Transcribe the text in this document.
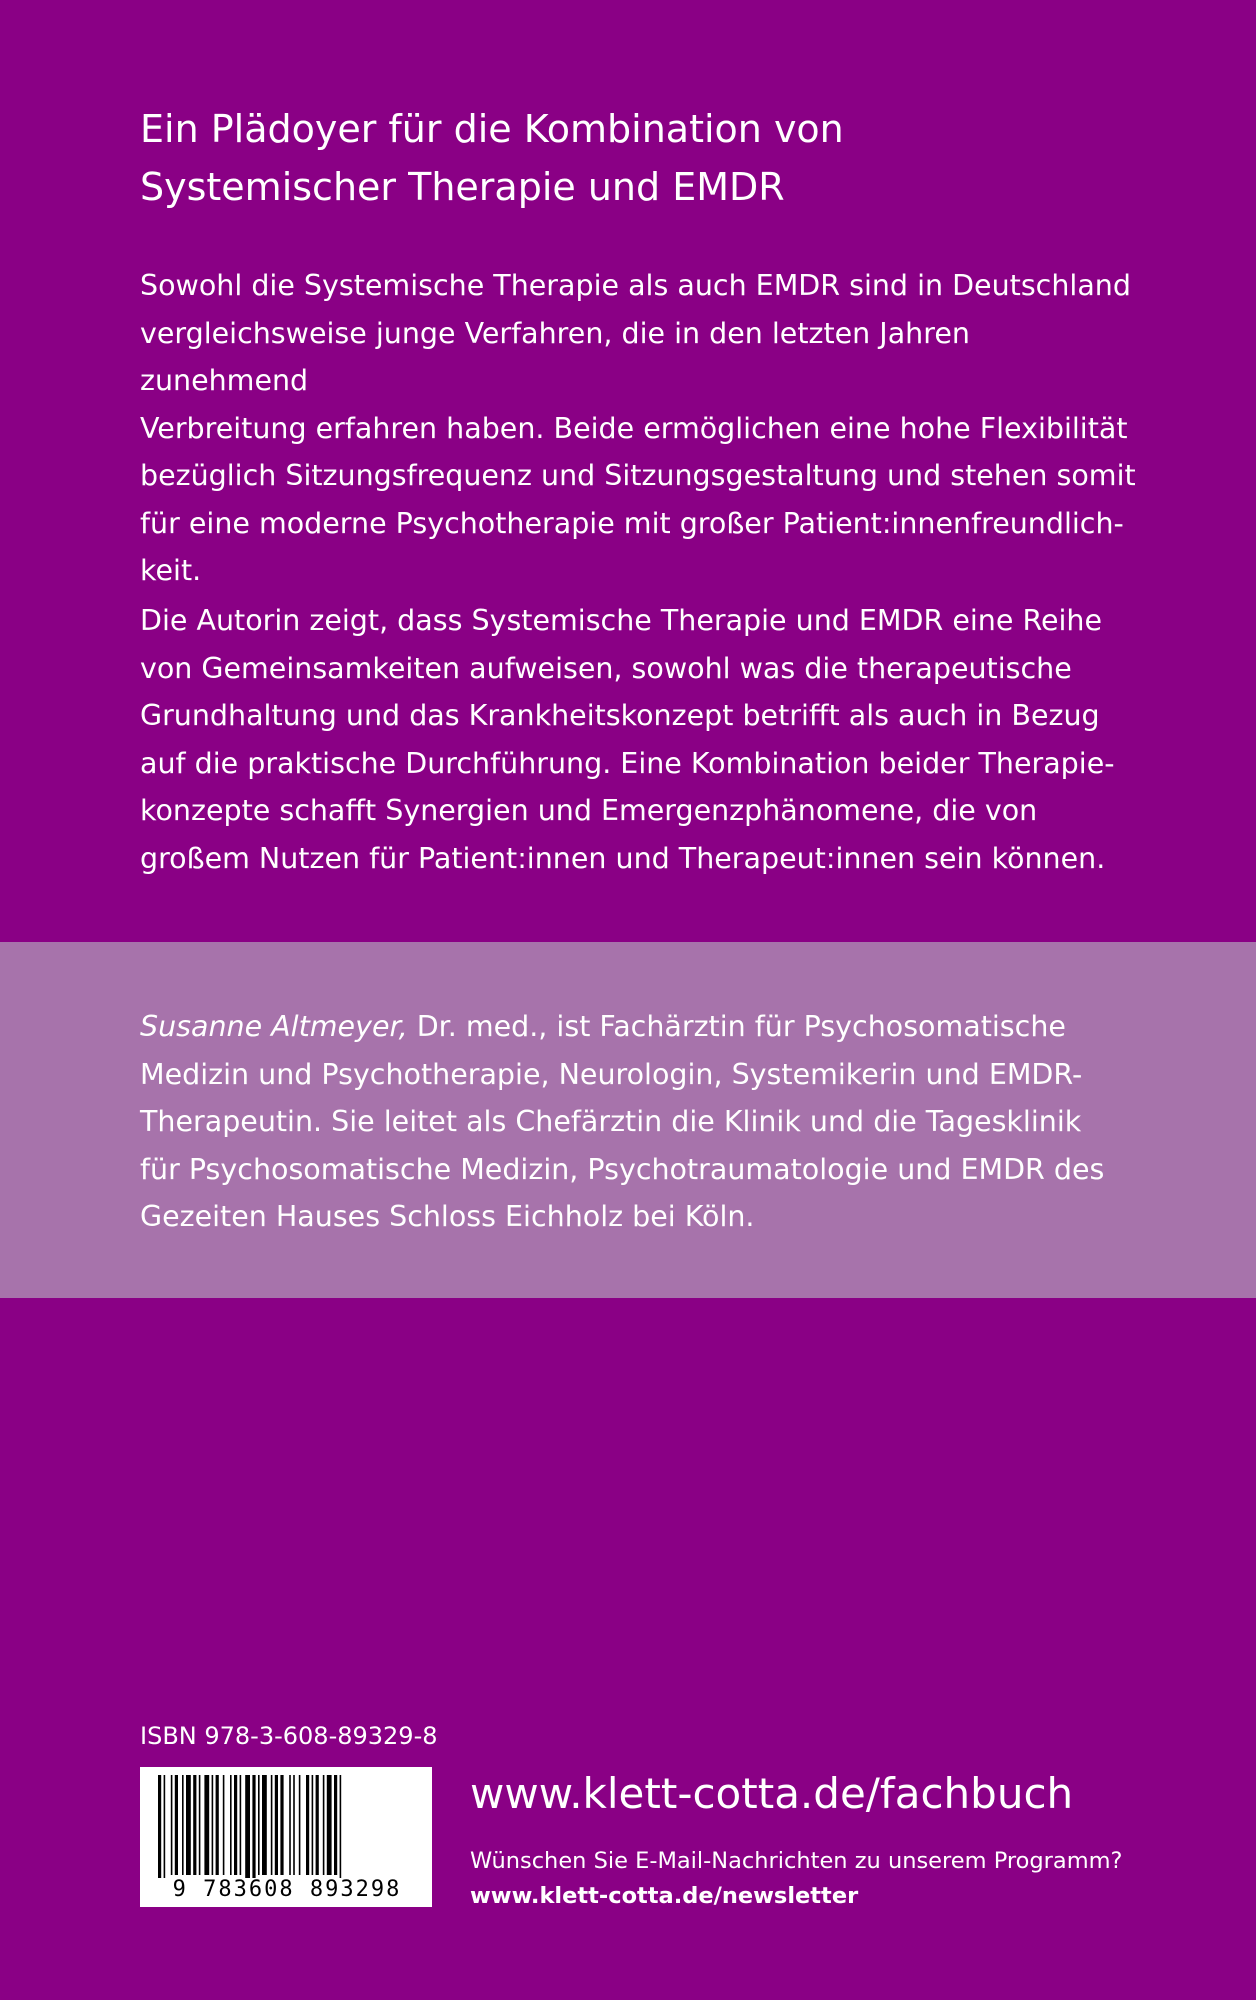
Ein Plädoyer für die Kombination von
Systemischer Therapie und EMDR
Sowohl die Systemische Therapie als auch EMDR sind in Deutschland
vergleichsweise junge Verfahren, die in den letzten Jahren zunehmend
Verbreitung erfahren haben. Beide ermöglichen eine hohe Flexibilität
bezüglich Sitzungsfrequenz und Sitzungsgestaltung und stehen somit
für eine moderne Psychotherapie mit großer Patient:innenfreundlich-
keit.
Die Autorin zeigt, dass Systemische Therapie und EMDR eine Reihe
von Gemeinsamkeiten aufweisen, sowohl was die therapeutische
Grundhaltung und das Krankheitskonzept betrifft als auch in Bezug
auf die praktische Durchführung. Eine Kombination beider Therapie-
konzepte schafft Synergien und Emergenzphänomene, die von
großem Nutzen für Patient:innen und Therapeut:innen sein können.
Susanne Altmeyer, Dr. med., ist Fachärztin für Psychosomatische
Medizin und Psychotherapie, Neurologin, Systemikerin und EMDR-
Therapeutin. Sie leitet als Chefärztin die Klinik und die Tagesklinik
für Psychosomatische Medizin, Psychotraumatologie und EMDR des
Gezeiten Hauses Schloss Eichholz bei Köln.
ISBN 978-3-608-89329-8
9 783608 893298
www.klett-cotta.de/fachbuch
Wünschen Sie E-Mail-Nachrichten zu unserem Programm?
www.klett-cotta.de/newsletter
